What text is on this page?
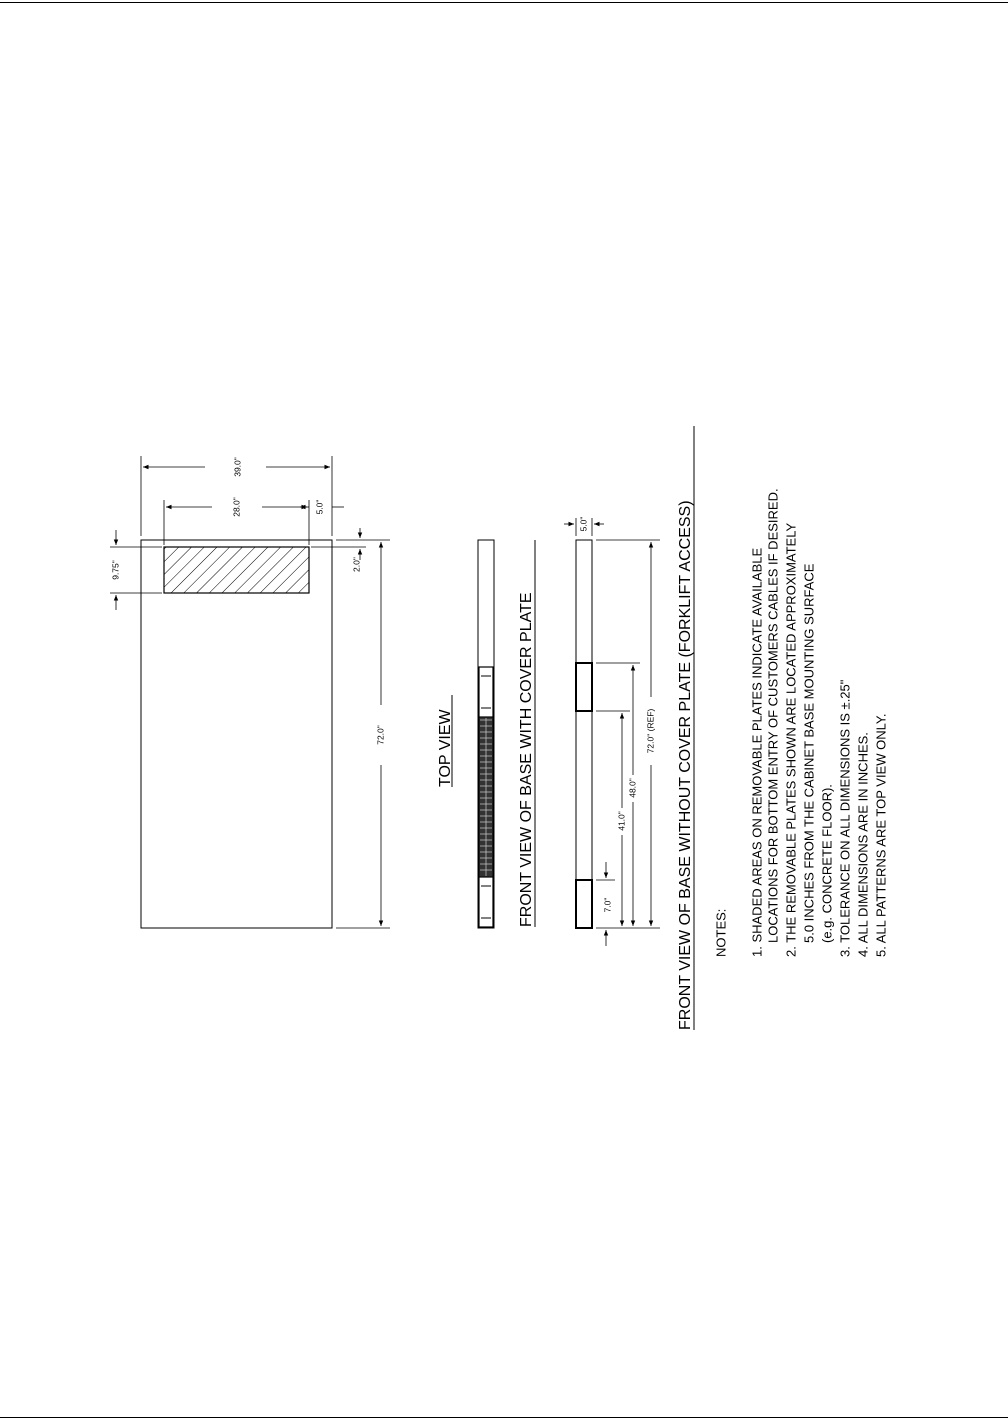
39.0"
28.0"	5.0"
9.75"	2.0"
72.0"	TOP VIEW	FRONT VIEW OF BASE WITH COVER PLATE
5.0"
7.0"
41.0"
48.0"
72.0" (REF) FRONT VIEW OF BASE WITHOUT COVER PLATE (FORKLIFT ACCESS) NOTES: 1. SHADED AREAS ON REMOVABLE PLATES INDICATE AVAILABLE LOCATIONS FOR BOTTOM ENTRY OF CUSTOMERS CABLES IF DESIRED. 2. THE REMOVABLE PLATES SHOWN ARE LOCATED APPROXIMATELY 5.0 INCHES FROM THE CABINET BASE MOUNTING SURFACE (e.g. CONCRETE FLOOR). 3. TOLERANCE ON ALL DIMENSIONS IS ±.25" 4. ALL DIMENSIONS ARE IN INCHES. 5. ALL PATTERNS ARE TOP VIEW ONLY.
